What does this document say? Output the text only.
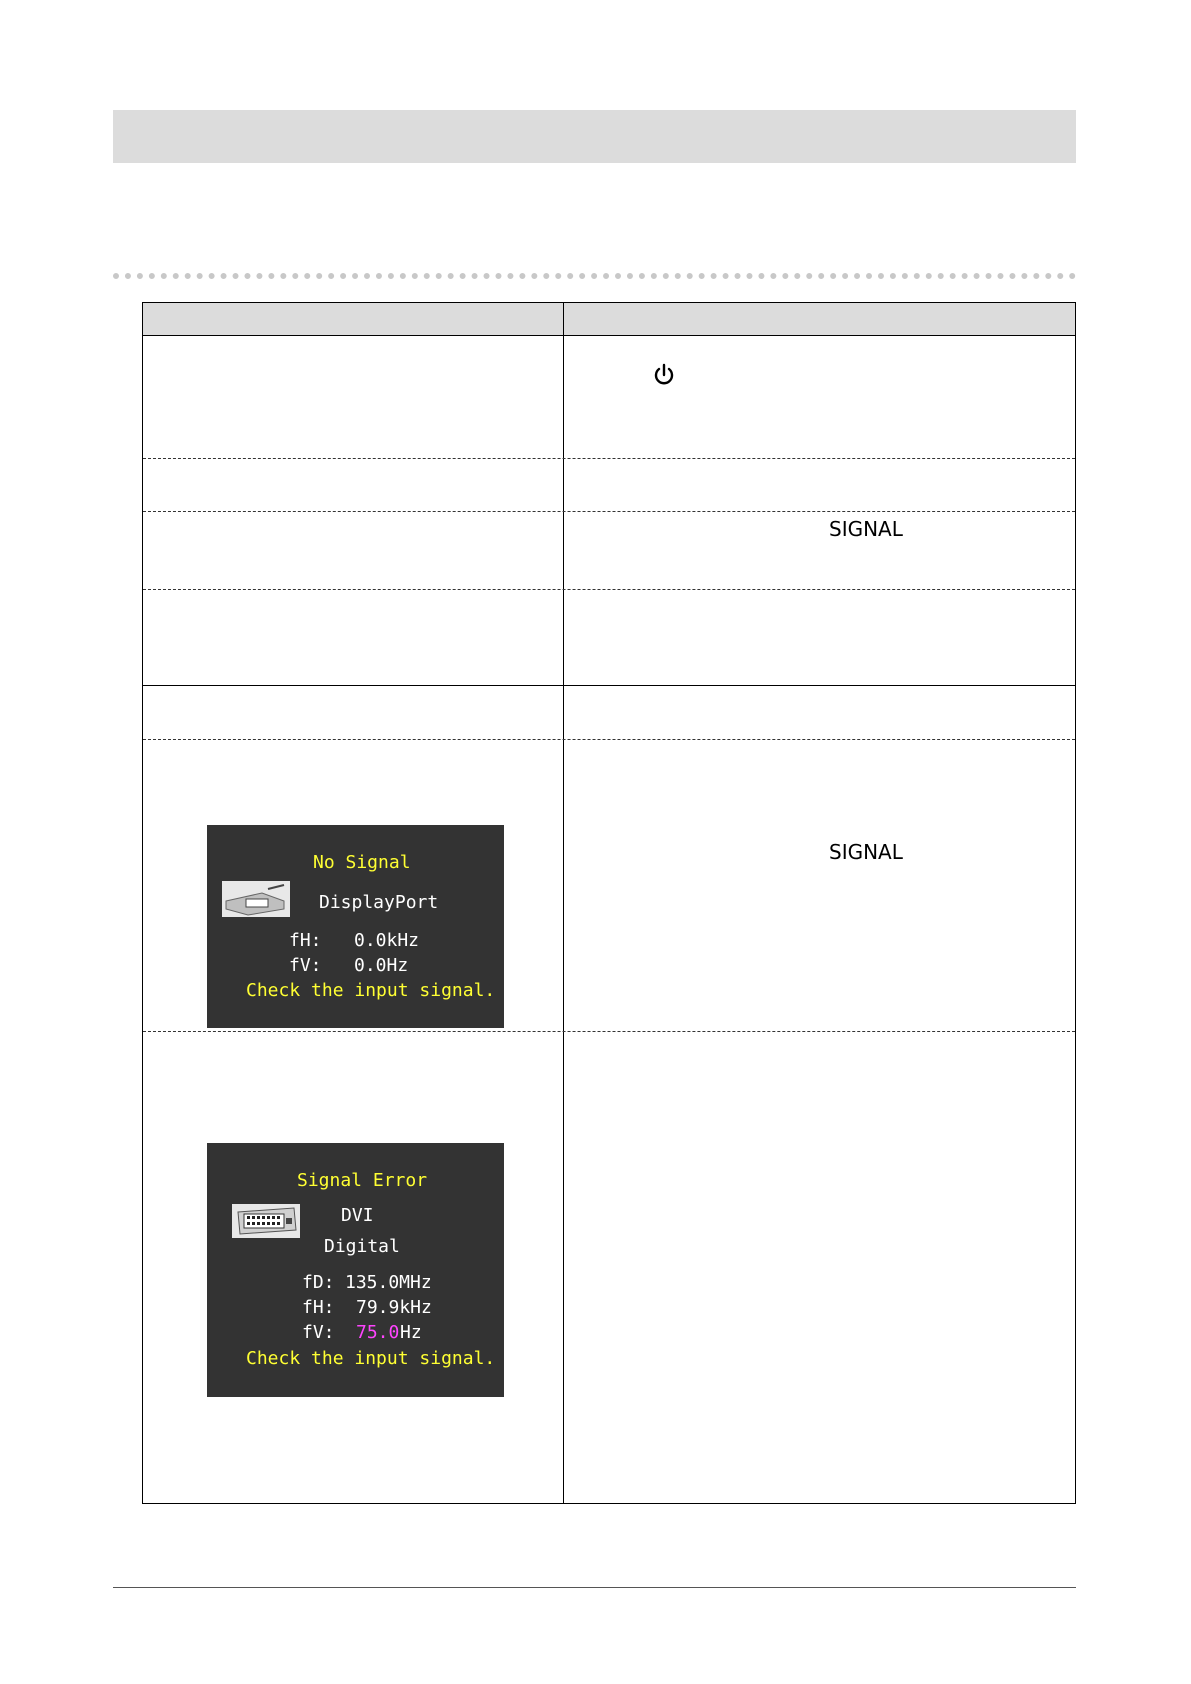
SIGNAL
SIGNAL
No Signal
DisplayPort
fH: 0.0kHz
fV: 0.0Hz
Check the input signal.
Signal Error
DVI
Digital
fD: 135.0MHz
fH: 79.9kHz
fV: 75.0 Hz
Check the input signal.
